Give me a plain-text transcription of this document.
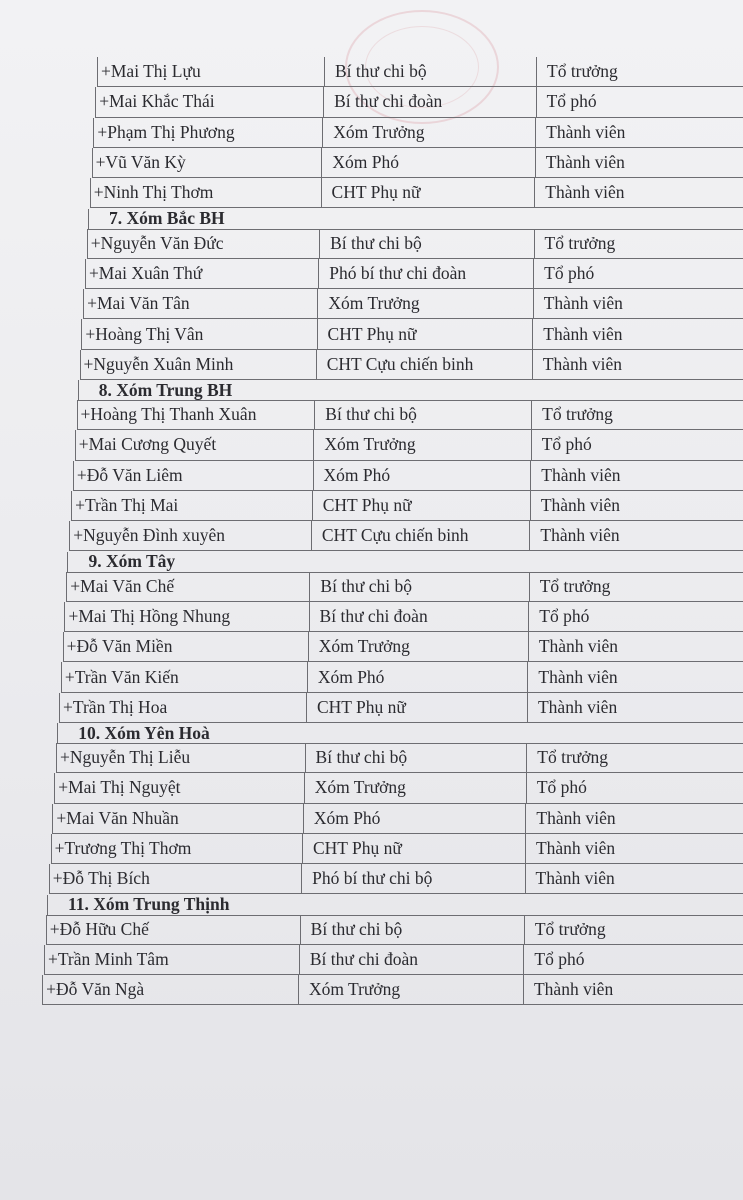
+Mai Thị Lựu	Bí thư chi bộ	Tổ trưởng
+Mai Khắc Thái	Bí thư chi đoàn	Tổ phó
+Phạm Thị Phương	Xóm Trưởng	Thành viên
+Vũ Văn Kỳ	Xóm Phó	Thành viên
+Ninh Thị Thơm	CHT Phụ nữ	Thành viên
7. Xóm Bắc BH
+Nguyễn Văn Đức	Bí thư chi bộ	Tổ trưởng
+Mai Xuân Thứ	Phó bí thư chi đoàn	Tổ phó
+Mai Văn Tân	Xóm Trưởng	Thành viên
+Hoàng Thị Vân	CHT Phụ nữ	Thành viên
+Nguyễn Xuân Minh	CHT Cựu chiến binh	Thành viên
8. Xóm Trung BH
+Hoàng Thị Thanh Xuân	Bí thư chi bộ	Tổ trưởng
+Mai Cương Quyết	Xóm Trưởng	Tổ phó
+Đỗ Văn Liêm	Xóm Phó	Thành viên
+Trần Thị Mai	CHT Phụ nữ	Thành viên
+Nguyễn Đình xuyên	CHT Cựu chiến binh	Thành viên
9. Xóm Tây
+Mai Văn Chế	Bí thư chi bộ	Tổ trưởng
+Mai Thị Hồng Nhung	Bí thư chi đoàn	Tổ phó
+Đỗ Văn Miền	Xóm Trưởng	Thành viên
+Trần Văn Kiến	Xóm Phó	Thành viên
+Trần Thị Hoa	CHT Phụ nữ	Thành viên
10. Xóm Yên Hoà
+Nguyễn Thị Liễu	Bí thư chi bộ	Tổ trưởng
+Mai Thị Nguyệt	Xóm Trưởng	Tổ phó
+Mai Văn Nhuần	Xóm Phó	Thành viên
+Trương Thị Thơm	CHT Phụ nữ	Thành viên
+Đỗ Thị Bích	Phó bí thư chi bộ	Thành viên
11. Xóm Trung Thịnh
+Đỗ Hữu Chế	Bí thư chi bộ	Tổ trưởng
+Trần Minh Tâm	Bí thư chi đoàn	Tổ phó
+Đỗ Văn Ngà	Xóm Trưởng	Thành viên
